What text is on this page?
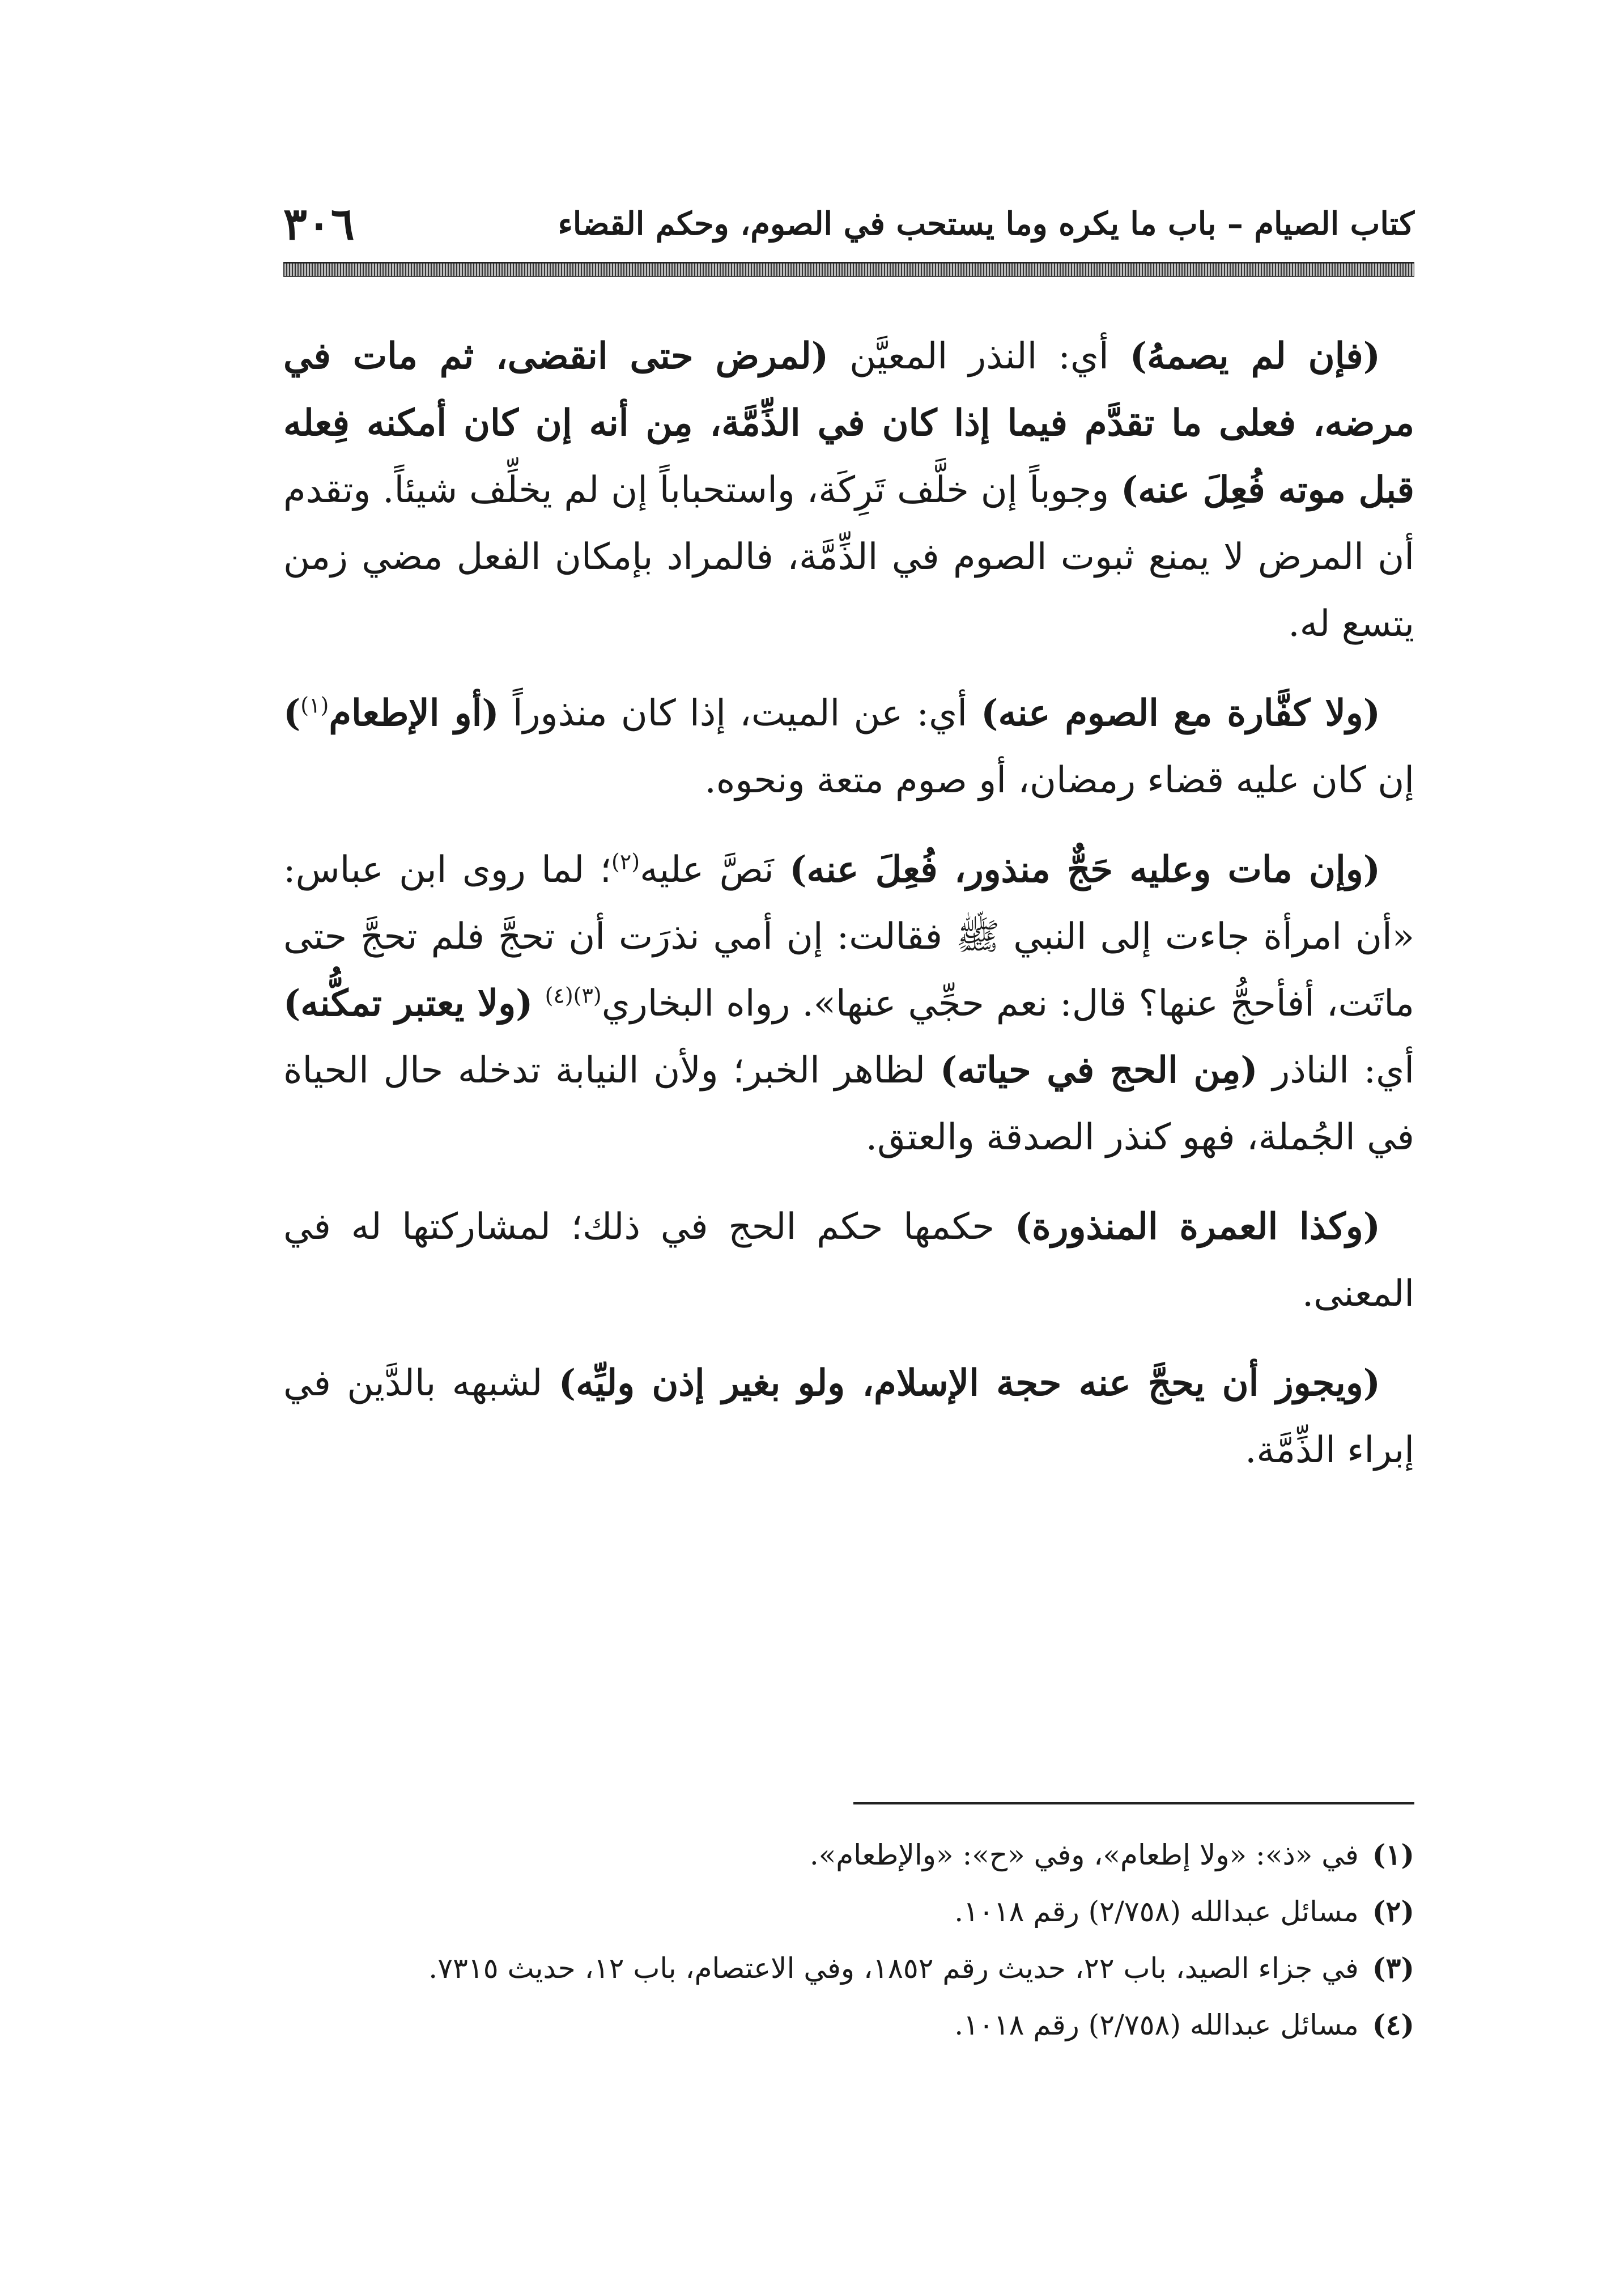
كتاب الصيام – باب ما يكره وما يستحب في الصوم، وحكم القضاء
٣٠٦

(فإن لم يصمهُ) أي: النذر المعيَّن (لمرض حتى انقضى، ثم مات في مرضه، فعلى ما تقدَّم فيما إذا كان في الذِّمَّة، مِن أنه إن كان أمكنه فِعله قبل موته فُعِلَ عنه) وجوباً إن خلَّف تَرِكَة، واستحباباً إن لم يخلِّف شيئاً. وتقدم أن المرض لا يمنع ثبوت الصوم في الذِّمَّة، فالمراد بإمكان الفعل مضي زمن يتسع له.

(ولا كفَّارة مع الصوم عنه) أي: عن الميت، إذا كان منذوراً (أو الإطعام$^{(١)}$) إن كان عليه قضاء رمضان، أو صوم متعة ونحوه.

(وإن مات وعليه حَجٌّ منذور، فُعِلَ عنه) نَصَّ عليه$^{(٢)}$؛ لما روى ابن عباس: «أن امرأة جاءت إلى النبي ﷺ فقالت: إن أمي نذرَت أن تحجَّ فلم تحجَّ حتى ماتَت، أفأحجُّ عنها؟ قال: نعم حجِّي عنها». رواه البخاري$^{(٣)(٤)}$ (ولا يعتبر تمكُّنه) أي: الناذر (مِن الحج في حياته) لظاهر الخبر؛ ولأن النيابة تدخله حال الحياة في الجُملة، فهو كنذر الصدقة والعتق.

(وكذا العمرة المنذورة) حكمها حكم الحج في ذلك؛ لمشاركتها له في المعنى.

(ويجوز أن يحجَّ عنه حجة الإسلام، ولو بغير إذن وليِّه) لشبهه بالدَّين في إبراء الذِّمَّة.

(١)
في «ذ»: «ولا إطعام»، وفي «ح»: «والإطعام».
(٢)
مسائل عبدالله (٢/٧٥٨) رقم ١٠١٨.
(٣)
في جزاء الصيد، باب ٢٢، حديث رقم ١٨٥٢، وفي الاعتصام، باب ١٢، حديث ٧٣١٥.
(٤)
مسائل عبدالله (٢/٧٥٨) رقم ١٠١٨.
